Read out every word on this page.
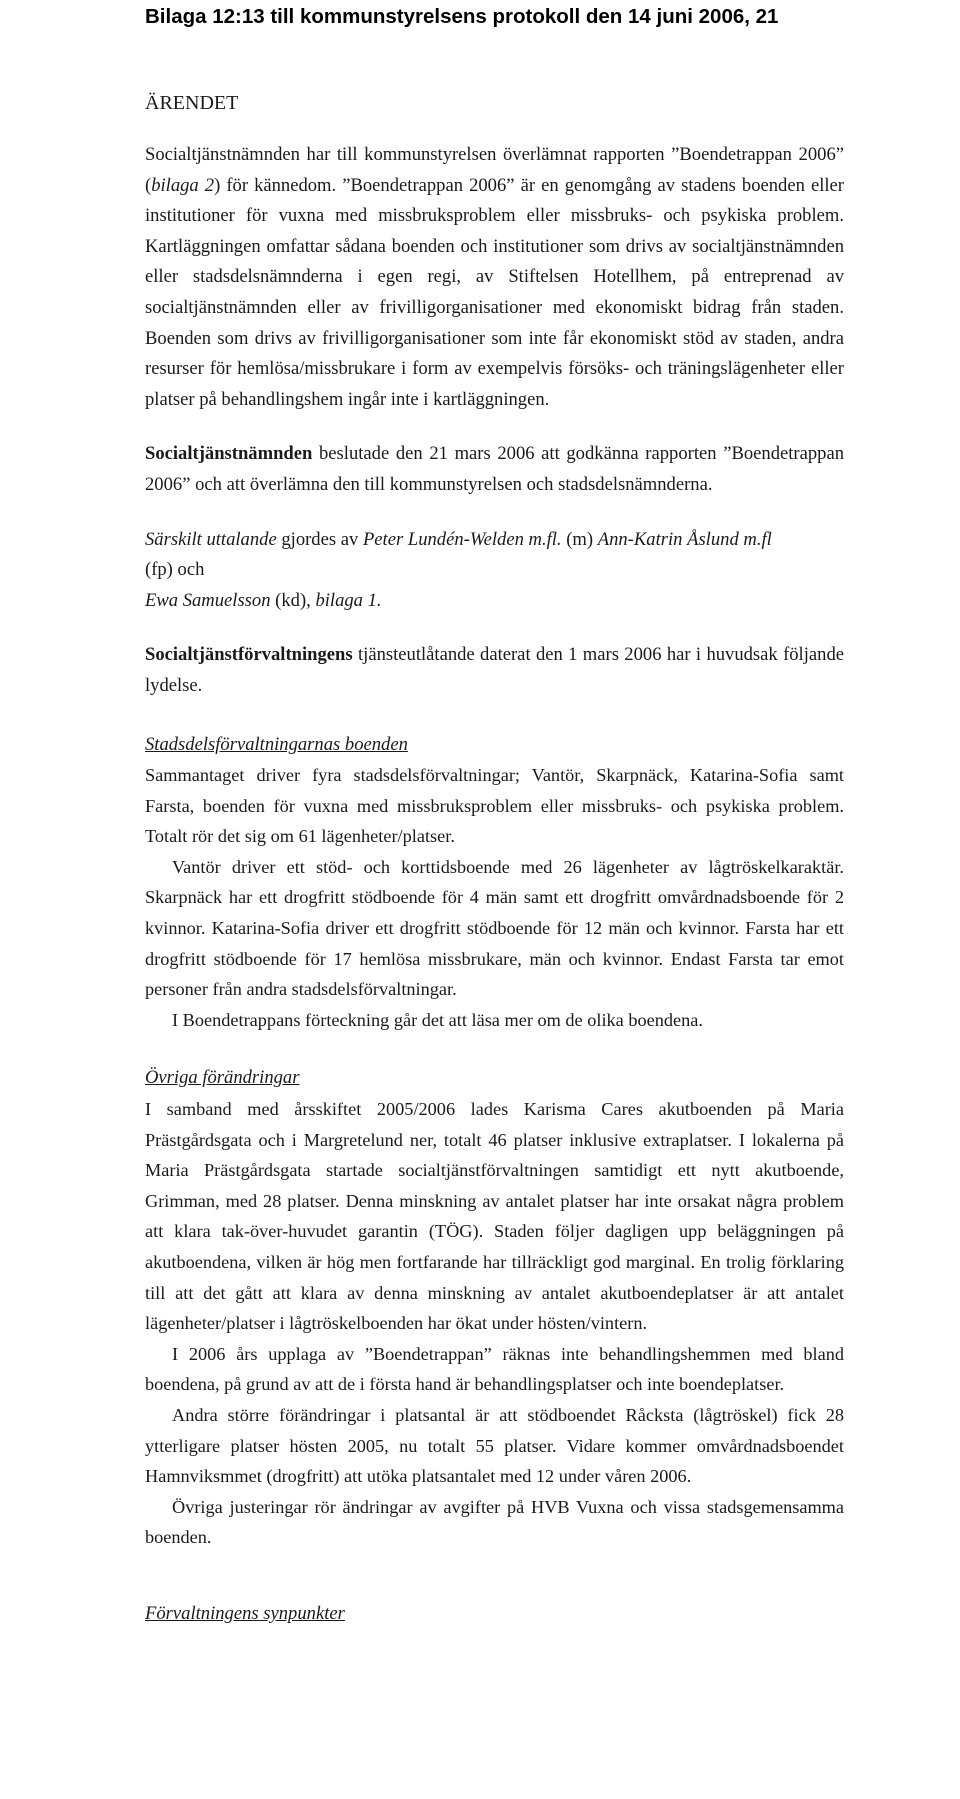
Bilaga 12:13 till kommunstyrelsens protokoll den 14 juni 2006, 21
ÄRENDET

Socialtjänstnämnden har till kommunstyrelsen överlämnat rapporten ”Boendetrappan 2006” (bilaga 2) för kännedom. ”Boendetrappan 2006” är en genomgång av stadens boenden eller institutioner för vuxna med missbruksproblem eller missbruks- och psykiska problem. Kartläggningen omfattar sådana boenden och institutioner som drivs av socialtjänstnämnden eller stadsdelsnämnderna i egen regi, av Stiftelsen Hotellhem, på entreprenad av socialtjänstnämnden eller av frivilligorganisationer med ekonomiskt bidrag från staden. Boenden som drivs av frivilligorganisationer som inte får ekonomiskt stöd av staden, andra resurser för hemlösa/missbrukare i form av exempelvis försöks- och träningslägenheter eller platser på behandlingshem ingår inte i kartläggningen.

Socialtjänstnämnden beslutade den 21 mars 2006 att godkänna rapporten ”Boendetrappan 2006” och att överlämna den till kommunstyrelsen och stadsdelsnämnderna.

Särskilt uttalande gjordes av Peter Lundén-Welden m.fl. (m) Ann-Katrin Åslund m.fl
(fp) och
Ewa Samuelsson (kd), bilaga 1.

Socialtjänstförvaltningens tjänsteutlåtande daterat den 1 mars 2006 har i huvudsak följande lydelse.

Stadsdelsförvaltningarnas boenden

Sammantaget driver fyra stadsdelsförvaltningar; Vantör, Skarpnäck, Katarina-Sofia samt Farsta, boenden för vuxna med missbruksproblem eller missbruks- och psykiska problem. Totalt rör det sig om 61 lägenheter/platser.

Vantör driver ett stöd- och korttidsboende med 26 lägenheter av lågtröskelkaraktär. Skarpnäck har ett drogfritt stödboende för 4 män samt ett drogfritt omvårdnadsboende för 2 kvinnor. Katarina-Sofia driver ett drogfritt stödboende för 12 män och kvinnor. Farsta har ett drogfritt stödboende för 17 hemlösa missbrukare, män och kvinnor. Endast Farsta tar emot personer från andra stadsdelsförvaltningar.

I Boendetrappans förteckning går det att läsa mer om de olika boendena.

Övriga förändringar

I samband med årsskiftet 2005/2006 lades Karisma Cares akutboenden på Maria Prästgårdsgata och i Margretelund ner, totalt 46 platser inklusive extraplatser. I lokalerna på Maria Prästgårdsgata startade socialtjänstförvaltningen samtidigt ett nytt akutboende, Grimman, med 28 platser. Denna minskning av antalet platser har inte orsakat några problem att klara tak-över-huvudet garantin (TÖG). Staden följer dagligen upp beläggningen på akutboendena, vilken är hög men fortfarande har tillräckligt god marginal. En trolig förklaring till att det gått att klara av denna minskning av antalet akutboendeplatser är att antalet lägenheter/platser i lågtröskelboenden har ökat under hösten/vintern.

I 2006 års upplaga av ”Boendetrappan” räknas inte behandlingshemmen med bland boendena, på grund av att de i första hand är behandlingsplatser och inte boendeplatser.

Andra större förändringar i platsantal är att stödboendet Råcksta (lågtröskel) fick 28 ytterligare platser hösten 2005, nu totalt 55 platser. Vidare kommer omvårdnadsboendet Hamnviksmmet (drogfritt) att utöka platsantalet med 12 under våren 2006.

Övriga justeringar rör ändringar av avgifter på HVB Vuxna och vissa stadsgemensamma boenden.

Förvaltningens synpunkter
